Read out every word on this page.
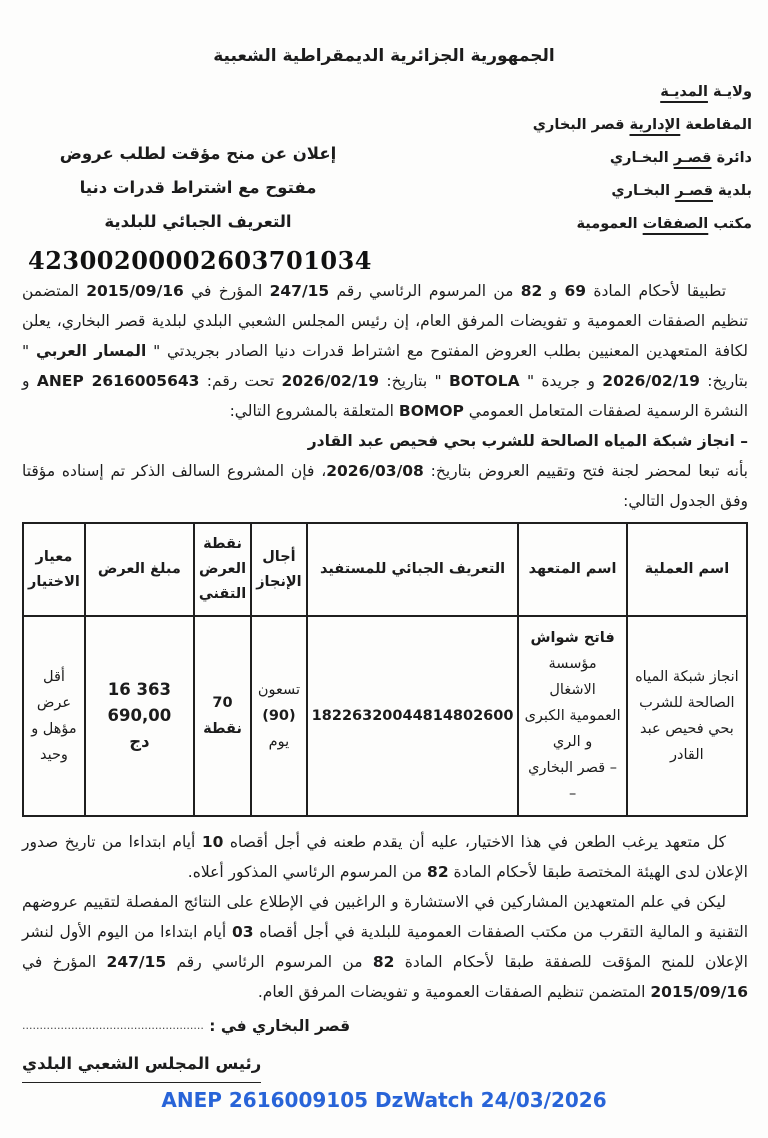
الجمهورية الجزائرية الديمقراطية الشعبية
ولايـة المديـة
المقاطعة الإدارية قصر البخاري
دائرة قصـر البخـاري
بلدية قصـر البخـاري
مكتب الصفقات العمومية
إعلان عن منح مؤقت لطلب عروض
مفتوح مع اشتراط قدرات دنيا
التعريف الجبائي للبلدية
42300200002603701034

تطبيقا لأحكام المادة 69 و 82 من المرسوم الرئاسي رقم 247/15 المؤرخ في 2015/09/16 المتضمن تنظيم الصفقات العمومية و تفويضات المرفق العام، إن رئيس المجلس الشعبي البلدي لبلدية قصر البخاري، يعلن لكافة المتعهدين المعنيين بطلب العروض المفتوح مع اشتراط قدرات دنيا الصادر بجريدتي " المسار العربي " بتاريخ: 2026/02/19 و جريدة " BOTOLA " بتاريخ: 2026/02/19 تحت رقم: ANEP 2616005643 و النشرة الرسمية لصفقات المتعامل العمومي BOMOP المتعلقة بالمشروع التالي:

– انجاز شبكة المياه الصالحة للشرب بحي فحيص عبد القادر

بأنه تبعا لمحضر لجنة فتح وتقييم العروض بتاريخ: 2026/03/08، فإن المشروع السالف الذكر تم إسناده مؤقتا وفق الجدول التالي:

اسم العملية	اسم المتعهد	التعريف الجبائي للمستفيد	أجال الإنجاز	نقطة العرض التقني	مبلغ العرض	معيار الاختيار
انجاز شبكة المياه الصالحة للشرب بحي فحيص عبد القادر	فاتح شواش
مؤسسة الاشغال العمومية الكبرى و الري
– قصر البخاري –	18226320044814802600	تسعون
(90)
يوم	70
نقطة	16 363 690,00
دج	أقل
عرض
مؤهل و
وحيد

كل متعهد يرغب الطعن في هذا الاختيار، عليه أن يقدم طعنه في أجل أقصاه 10 أيام ابتداءا من تاريخ صدور الإعلان لدى الهيئة المختصة طبقا لأحكام المادة 82 من المرسوم الرئاسي المذكور أعلاه.

ليكن في علم المتعهدين المشاركين في الاستشارة و الراغبين في الإطلاع على النتائج المفصلة لتقييم عروضهم التقنية و المالية التقرب من مكتب الصفقات العمومية للبلدية في أجل أقصاه 03 أيام ابتداءا من اليوم الأول لنشر الإعلان للمنح المؤقت للصفقة طبقا لأحكام المادة 82 من المرسوم الرئاسي رقم 247/15 المؤرخ في 2015/09/16 المتضمن تنظيم الصفقات العمومية و تفويضات المرفق العام.

قصر البخاري في : ....................................................
رئيس المجلس الشعبي البلدي
ANEP 2616009105 DzWatch 24/03/2026
